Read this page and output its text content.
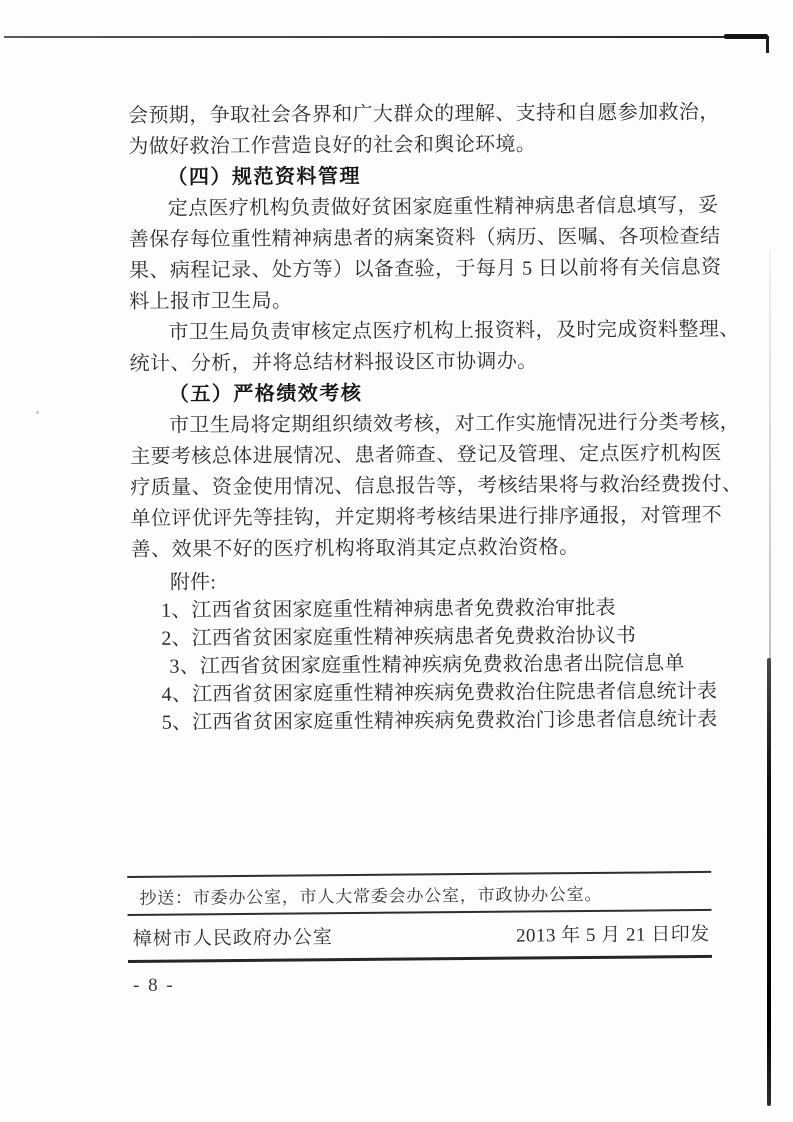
会预期，争取社会各界和广大群众的理解、支持和自愿参加救治，
为做好救治工作营造良好的社会和舆论环境。
（四）规范资料管理
定点医疗机构负责做好贫困家庭重性精神病患者信息填写，妥
善保存每位重性精神病患者的病案资料（病历、医嘱、各项检查结
果、病程记录、处方等）以备查验，于每月 5 日以前将有关信息资
料上报市卫生局。
市卫生局负责审核定点医疗机构上报资料，及时完成资料整理、
统计、分析，并将总结材料报设区市协调办。
（五）严格绩效考核
市卫生局将定期组织绩效考核，对工作实施情况进行分类考核，
主要考核总体进展情况、患者筛查、登记及管理、定点医疗机构医
疗质量、资金使用情况、信息报告等，考核结果将与救治经费拨付、
单位评优评先等挂钩，并定期将考核结果进行排序通报，对管理不
善、效果不好的医疗机构将取消其定点救治资格。
附件:
1、江西省贫困家庭重性精神病患者免费救治审批表
2、江西省贫困家庭重性精神疾病患者免费救治协议书
3、江西省贫困家庭重性精神疾病免费救治患者出院信息单
4、江西省贫困家庭重性精神疾病免费救治住院患者信息统计表
5、江西省贫困家庭重性精神疾病免费救治门诊患者信息统计表
抄送：市委办公室，市人大常委会办公室，市政协办公室。
樟树市人民政府办公室	2013 年 5 月 21 日印发
- 8 -
